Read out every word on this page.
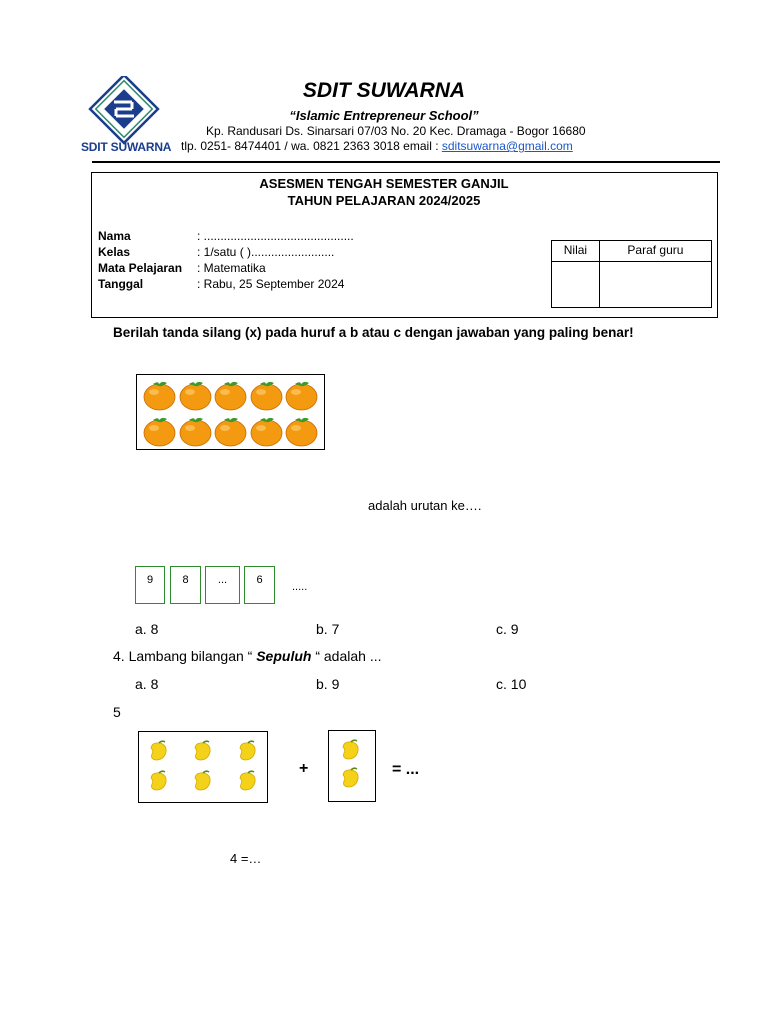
SDIT SUWARNA
SDIT SUWARNA
“Islamic Entrepreneur School”
Kp. Randusari Ds. Sinarsari 07/03 No. 20 Kec. Dramaga - Bogor 16680
tlp. 0251- 8474401 / wa. 0821 2363 3018 email : sditsuwarna@gmail.com
ASESMEN TENGAH SEMESTER GANJIL
TAHUN PELAJARAN 2024/2025
Nama	: .............................................
Kelas	: 1/satu ( ).........................
Mata Pelajaran : Matematika
Tanggal	: Rabu, 25 September 2024
Nilai	Paraf guru

Berilah tanda silang (x) pada huruf a b atau c dengan jawaban yang paling benar!
adalah urutan ke….
9	8	...	6
.....
a. 8	b. 7	c. 9
4. Lambang bilangan “ Sepuluh “ adalah ...
a. 8	b. 9	c. 10
5
+	= ...
4 =…
